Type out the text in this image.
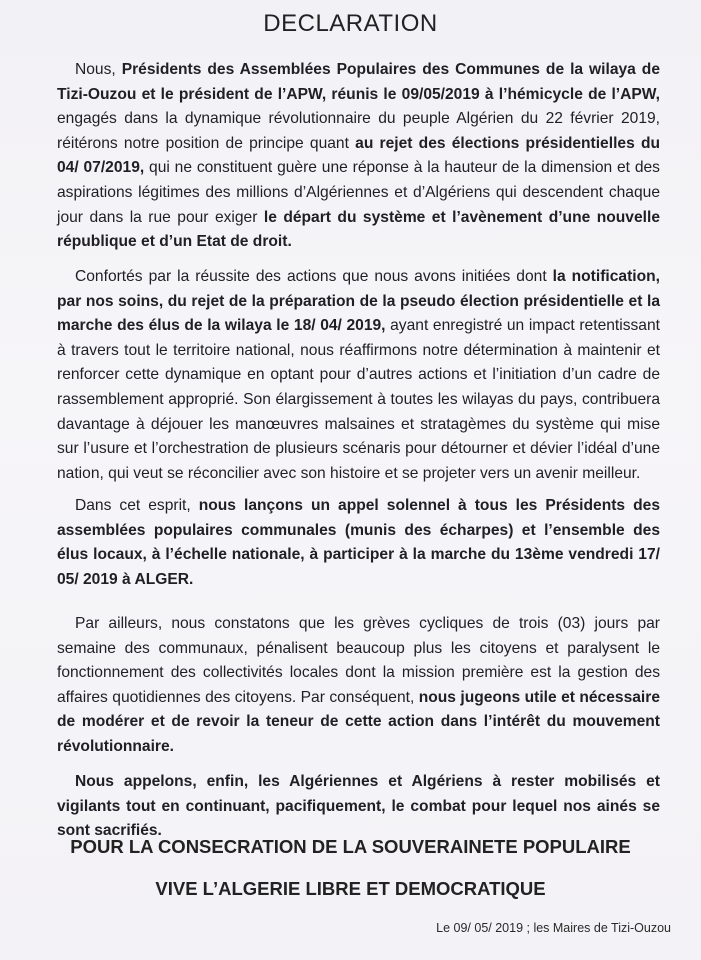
DECLARATION

Nous, Présidents des Assemblées Populaires des Communes de la wilaya de Tizi-Ouzou et le président de l’APW, réunis le 09/05/2019 à l’hémicycle de l’APW, engagés dans la dynamique révolutionnaire du peuple Algérien du 22 février 2019, réitérons notre position de principe quant au rejet des élections présidentielles du 04/ 07/2019, qui ne constituent guère une réponse à la hauteur de la dimension et des aspirations légitimes des millions d’Algériennes et d’Algériens qui descendent chaque jour dans la rue pour exiger le départ du système et l’avènement d’une nouvelle république et d’un Etat de droit.

Confortés par la réussite des actions que nous avons initiées dont la notification, par nos soins, du rejet de la préparation de la pseudo élection présidentielle et la marche des élus de la wilaya le 18/ 04/ 2019, ayant enregistré un impact retentissant à travers tout le territoire national, nous réaffirmons notre détermination à maintenir et renforcer cette dynamique en optant pour d’autres actions et l’initiation d’un cadre de rassemblement approprié. Son élargissement à toutes les wilayas du pays, contribuera davantage à déjouer les manœuvres malsaines et stratagèmes du système qui mise sur l’usure et l’orchestration de plusieurs scénaris pour détourner et dévier l’idéal d’une nation, qui veut se réconcilier avec son histoire et se projeter vers un avenir meilleur.

Dans cet esprit, nous lançons un appel solennel à tous les Présidents des assemblées populaires communales (munis des écharpes) et l’ensemble des élus locaux, à l’échelle nationale, à participer à la marche du 13ème vendredi 17/ 05/ 2019 à ALGER.

Par ailleurs, nous constatons que les grèves cycliques de trois (03) jours par semaine des communaux, pénalisent beaucoup plus les citoyens et paralysent le fonctionnement des collectivités locales dont la mission première est la gestion des affaires quotidiennes des citoyens. Par conséquent, nous jugeons utile et nécessaire de modérer et de revoir la teneur de cette action dans l’intérêt du mouvement révolutionnaire.

Nous appelons, enfin, les Algériennes et Algériens à rester mobilisés et vigilants tout en continuant, pacifiquement, le combat pour lequel nos ainés se sont sacrifiés.

POUR LA CONSECRATION DE LA SOUVERAINETE POPULAIRE
VIVE L’ALGERIE LIBRE ET DEMOCRATIQUE
Le 09/ 05/ 2019 ; les Maires de Tizi-Ouzou
